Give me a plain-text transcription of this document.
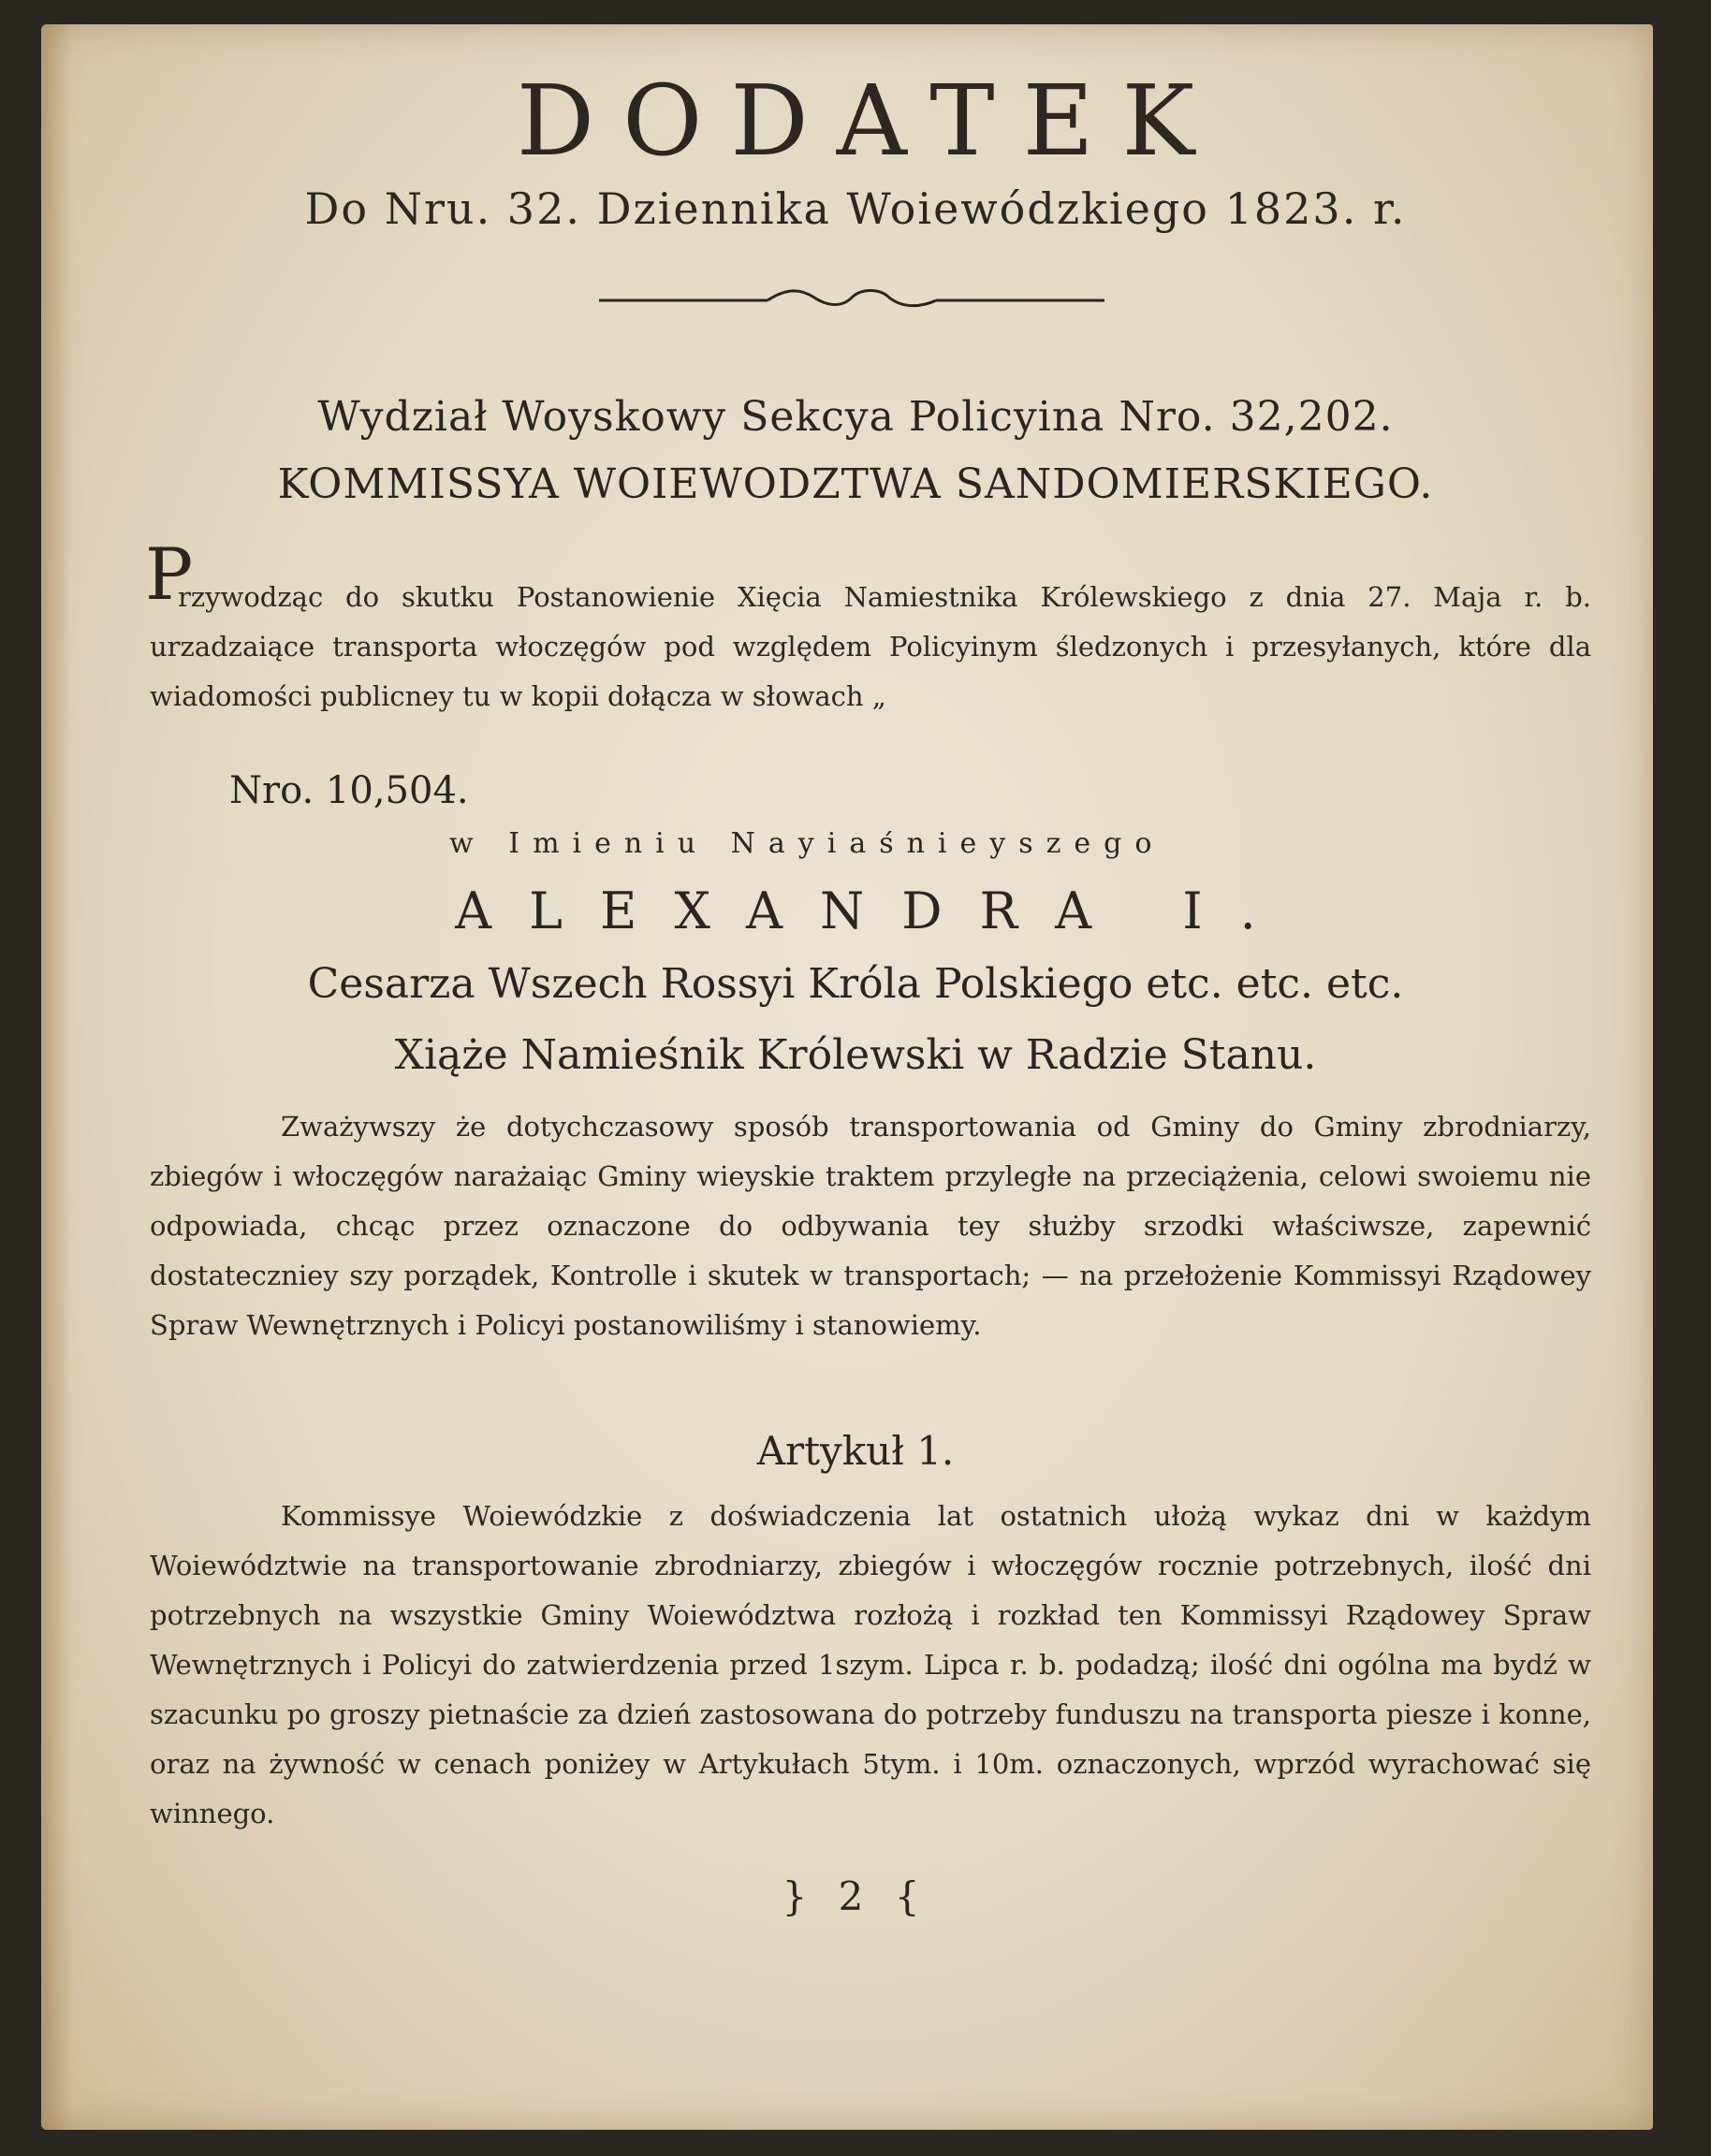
DODATEK
Do Nru. 32. Dziennika Woiewódzkiego 1823. r.
Wydział Woyskowy Sekcya Policyina Nro. 32,202.
KOMMISSYA WOIEWODZTWA SANDOMIERSKIEGO.
P
rzywodząc do skutku Postanowienie Xięcia Namiestnika Królewskiego z dnia 27. Maja r. b. urzadzaiące transporta włoczęgów pod względem Policyinym śledzonych i przesyłanych, które dla wiadomości publicney tu w kopii dołącza w słowach „
Nro. 10,504.
w Imieniu Nayiaśnieyszego
ALEXANDRA I.
Cesarza Wszech Rossyi Króla Polskiego etc. etc. etc.
Xiąże Namieśnik Królewski w Radzie Stanu.
Zważywszy że dotychczasowy sposób transportowania od Gminy do Gminy zbrodniarzy, zbiegów i włoczęgów narażaiąc Gminy wieyskie traktem przyległe na przeciążenia, celowi swoiemu nie odpowiada, chcąc przez oznaczone do odbywania tey służby srzodki właściwsze, zapewnić dostateczniey szy porządek, Kontrolle i skutek w transportach; — na przełożenie Kommissyi Rządowey Spraw Wewnętrznych i Policyi postanowiliśmy i stanowiemy.
Artykuł 1.
Kommissye Woiewódzkie z doświadczenia lat ostatnich ułożą wykaz dni w każdym Woiewództwie na transportowanie zbrodniarzy, zbiegów i włoczęgów rocznie potrzebnych, ilość dni potrzebnych na wszystkie Gminy Woiewództwa rozłożą i rozkład ten Kommissyi Rządowey Spraw Wewnętrznych i Policyi do zatwierdzenia przed 1szym. Lipca r. b. podadzą; ilość dni ogólna ma bydź w szacunku po groszy pietnaście za dzień zastosowana do potrzeby funduszu na transporta piesze i konne, oraz na żywność w cenach poniżey w Artykułach 5tym. i 10m. oznaczonych, wprzód wyrachować się winnego.
} 2 {
